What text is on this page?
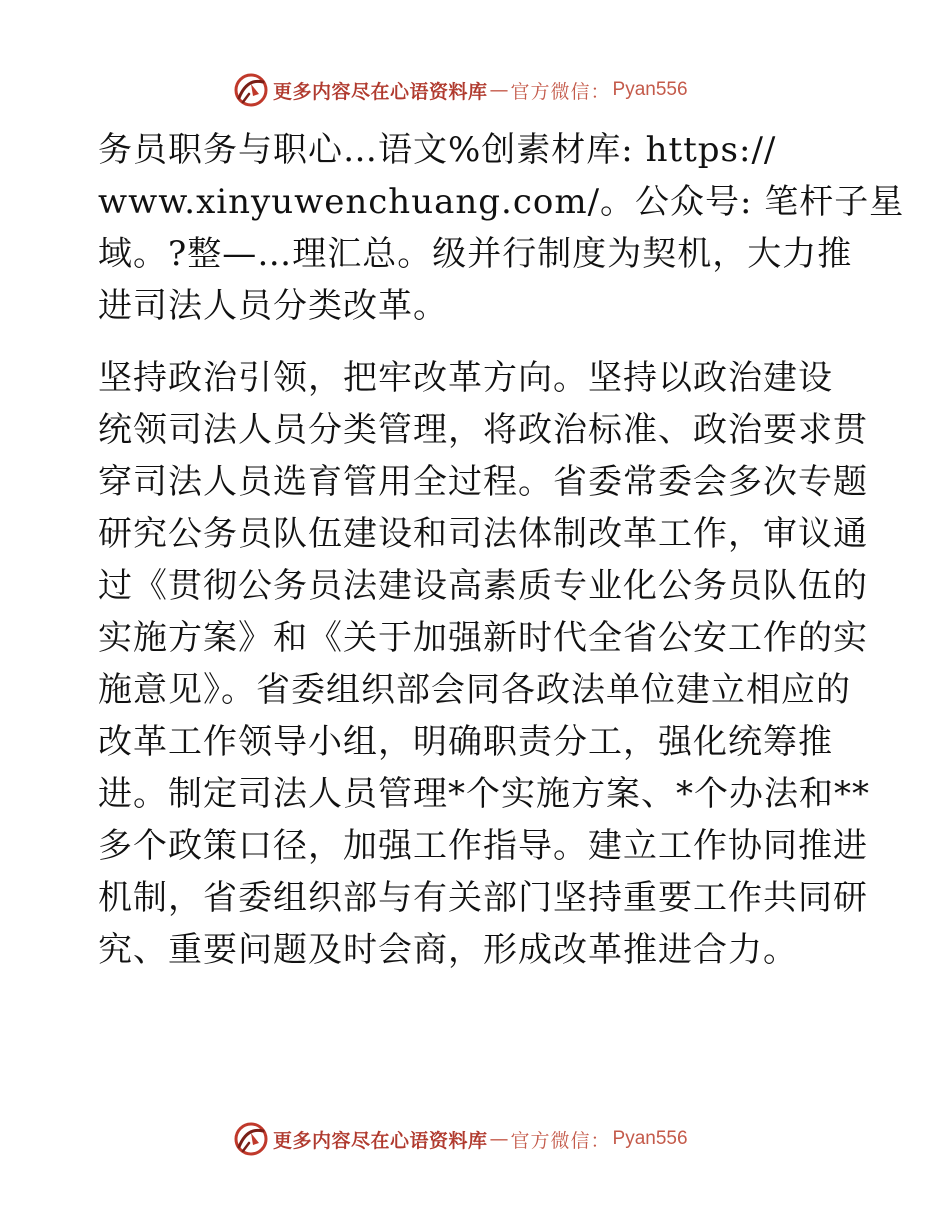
更多内容尽在心语资料库 — 官方微信： Pyan556
务员职务与职心…语文%创素材库: https://
www.xinyuwenchuang.com/。公众号: 笔杆子星
域。?整—…理汇总。级并行制度为契机，大力推
进司法人员分类改革。
坚持政治引领，把牢改革方向。坚持以政治建设
统领司法人员分类管理，将政治标准、政治要求贯
穿司法人员选育管用全过程。省委常委会多次专题
研究公务员队伍建设和司法体制改革工作，审议通
过《贯彻公务员法建设高素质专业化公务员队伍的
实施方案》和《关于加强新时代全省公安工作的实
施意见》。省委组织部会同各政法单位建立相应的
改革工作领导小组，明确职责分工，强化统筹推
进。制定司法人员管理*个实施方案、*个办法和**
多个政策口径，加强工作指导。建立工作协同推进
机制，省委组织部与有关部门坚持重要工作共同研
究、重要问题及时会商，形成改革推进合力。
更多内容尽在心语资料库 — 官方微信： Pyan556
